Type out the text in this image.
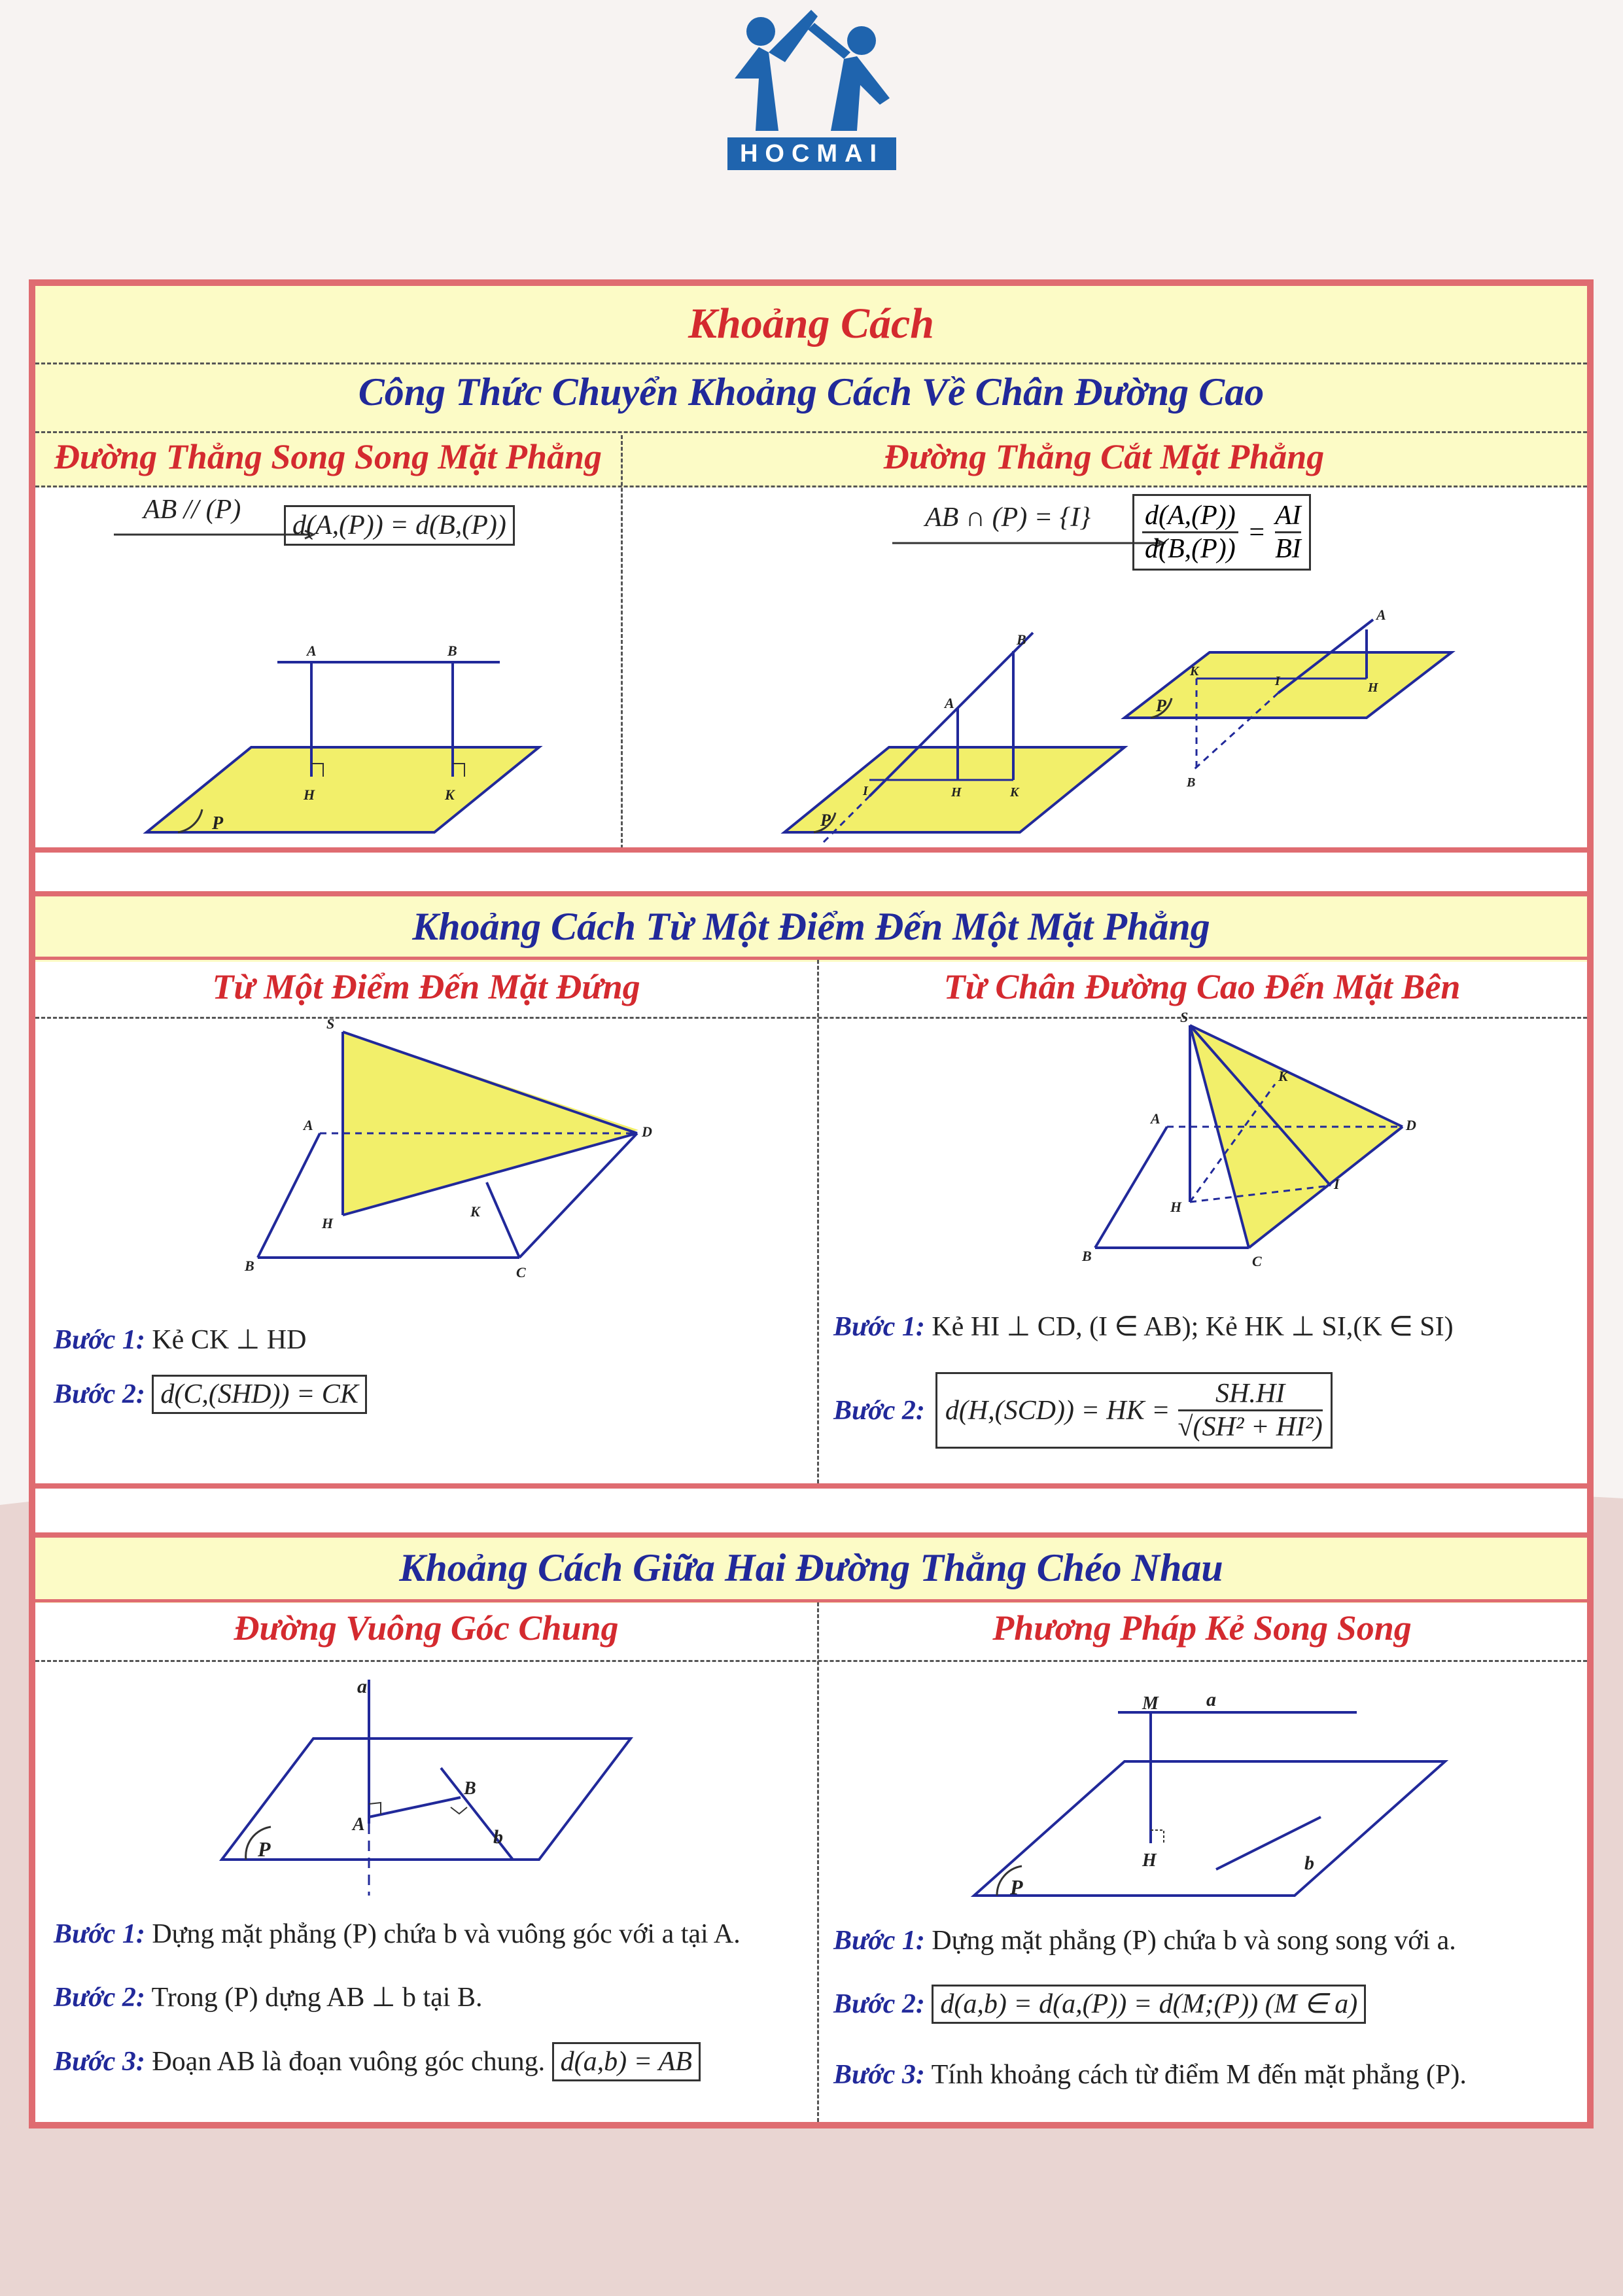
HOCMAI
Khoảng Cách
Công Thức Chuyển Khoảng Cách Về Chân Đường Cao
Đường Thẳng Song Song Mặt Phẳng	Đường Thẳng Cắt Mặt Phẳng
AB // (P)
d(A,(P)) = d(B,(P))	AB ∩ $(P) = \{I\} \frac{d(A,(P))}{d(B,(P))} = \frac{AI}{BI}$
A	B
H	K
P
B
A
I	H	K
P
A
B
I
K
H
P
Khoảng Cách Từ Một Điểm Đến Một Mặt Phẳng
Từ Một Điểm Đến Mặt Đứng	Từ Chân Đường Cao Đến Mặt Bên
S
A	D
H
K
B	C
S
A	D
H
K
I
B	C
Bước 1: Kẻ CK ⊥ HD
Bước 2: d(C,(SHD)) = CK
Bước 1: Kẻ HI ⊥ CD, (I ∈ AB); Kẻ HK ⊥ SI,(K ∈ SI)
Bước 2: d(H,(SCD)) = HK = $\frac{SH.HI}{\text{√(SH² + HI²)}}$
Khoảng Cách Giữa Hai Đường Thẳng Chéo Nhau
Đường Vuông Góc Chung	Phương Pháp Kẻ Song Song
a
A
B
b
P
M a
H	b
P
Bước 1: Dựng mặt phẳng (P) chứa b và vuông góc với a tại A.
Bước 2: Trong (P) dựng AB ⊥ b tại B.
Bước 3: Đoạn AB là đoạn vuông góc chung. d(a,b) = AB
Bước 1: Dựng mặt phẳng (P) chứa b và song song với a.
Bước 2: d(a,b) = d(a,(P)) = d(M;(P)) (M ∈ a)
Bước 3: Tính khoảng cách từ điểm M đến mặt phẳng (P).
